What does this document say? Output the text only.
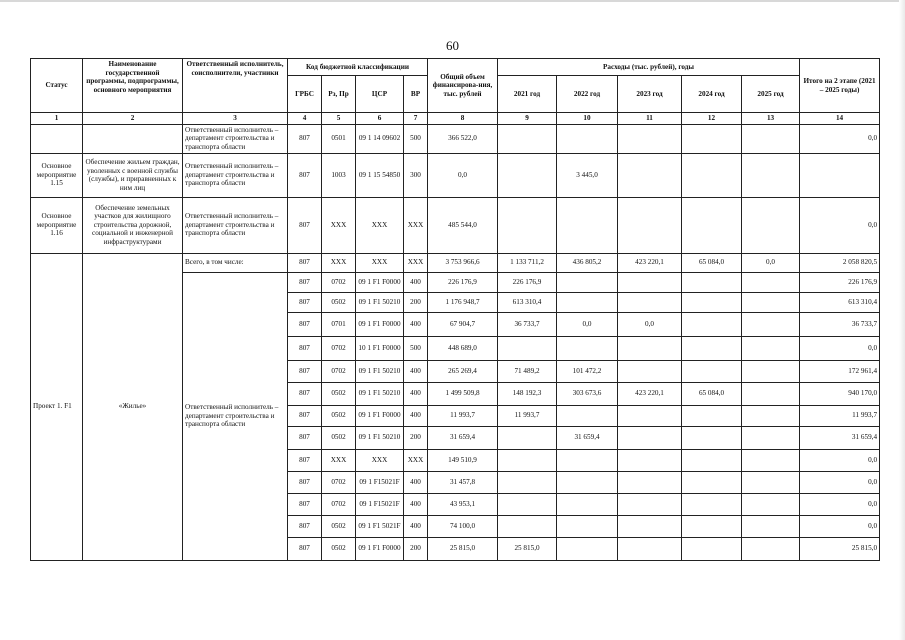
60
Статус	Наименование государственной программы, подпрограммы, основного мероприятия	Ответственный исполнитель, соисполнители, участники	Код бюджетной классификации				Общий объем финансирова-ния, тыс. рублей	Расходы (тыс. рублей), годы					Итого на 2 этапе (2021 – 2025 годы)
			ГРБС	Рз, Пр	ЦСР	ВР		2021 год	2022 год	2023 год	2024 год	2025 год	
1	2	3	4	5	6	7	8	9	10	11	12	13	14
		Ответственный исполнитель – департамент строительства и транспорта области	807	0501	09 1 14 09602	500	366 522,0						0,0
Основное мероприятие 1.15	Обеспечение жильем граждан, уволенных с военной службы (службы), и приравненных к ним лиц	Ответственный исполнитель – департамент строительства и транспорта области	807	1003	09 1 15 54850	300	0,0		3 445,0				
Основное мероприятие 1.16	Обеспечение земельных участков для жилищного строительства дорожной, социальной и инженерной инфраструктурами	Ответственный исполнитель – департамент строительства и транспорта области	807	ХХХ	ХХХ	ХХХ	485 544,0						0,0
Проект 1. F1	«Жилье»	Всего, в том числе:	807	ХХХ	ХХХ	ХХХ	3 753 966,6	1 133 711,2	436 805,2	423 220,1	65 084,0	0,0	2 058 820,5
		Ответственный исполнитель – департамент строительства и транспорта области	807	0702	09 1 F1 F0000	400	226 176,9	226 176,9					226 176,9
			807	0502	09 1 F1 50210	200	1 176 948,7	613 310,4					613 310,4
			807	0701	09 1 F1 F0000	400	67 904,7	36 733,7	0,0	0,0			36 733,7
			807	0702	10 1 F1 F0000	500	448 689,0						0,0
			807	0702	09 1 F1 50210	400	265 269,4	71 489,2	101 472,2				172 961,4
			807	0502	09 1 F1 50210	400	1 499 509,8	148 192,3	303 673,6	423 220,1	65 084,0		940 170,0
			807	0502	09 1 F1 F0000	400	11 993,7	11 993,7					11 993,7
			807	0502	09 1 F1 50210	200	31 659,4		31 659,4				31 659,4
			807	ХХХ	ХХХ	ХХХ	149 510,9						0,0
			807	0702	09 1 F15021F	400	31 457,8						0,0
			807	0702	09 1 F15021F	400	43 953,1						0,0
			807	0502	09 1 F1 5021F	400	74 100,0						0,0
			807	0502	09 1 F1 F0000	200	25 815,0	25 815,0					25 815,0
